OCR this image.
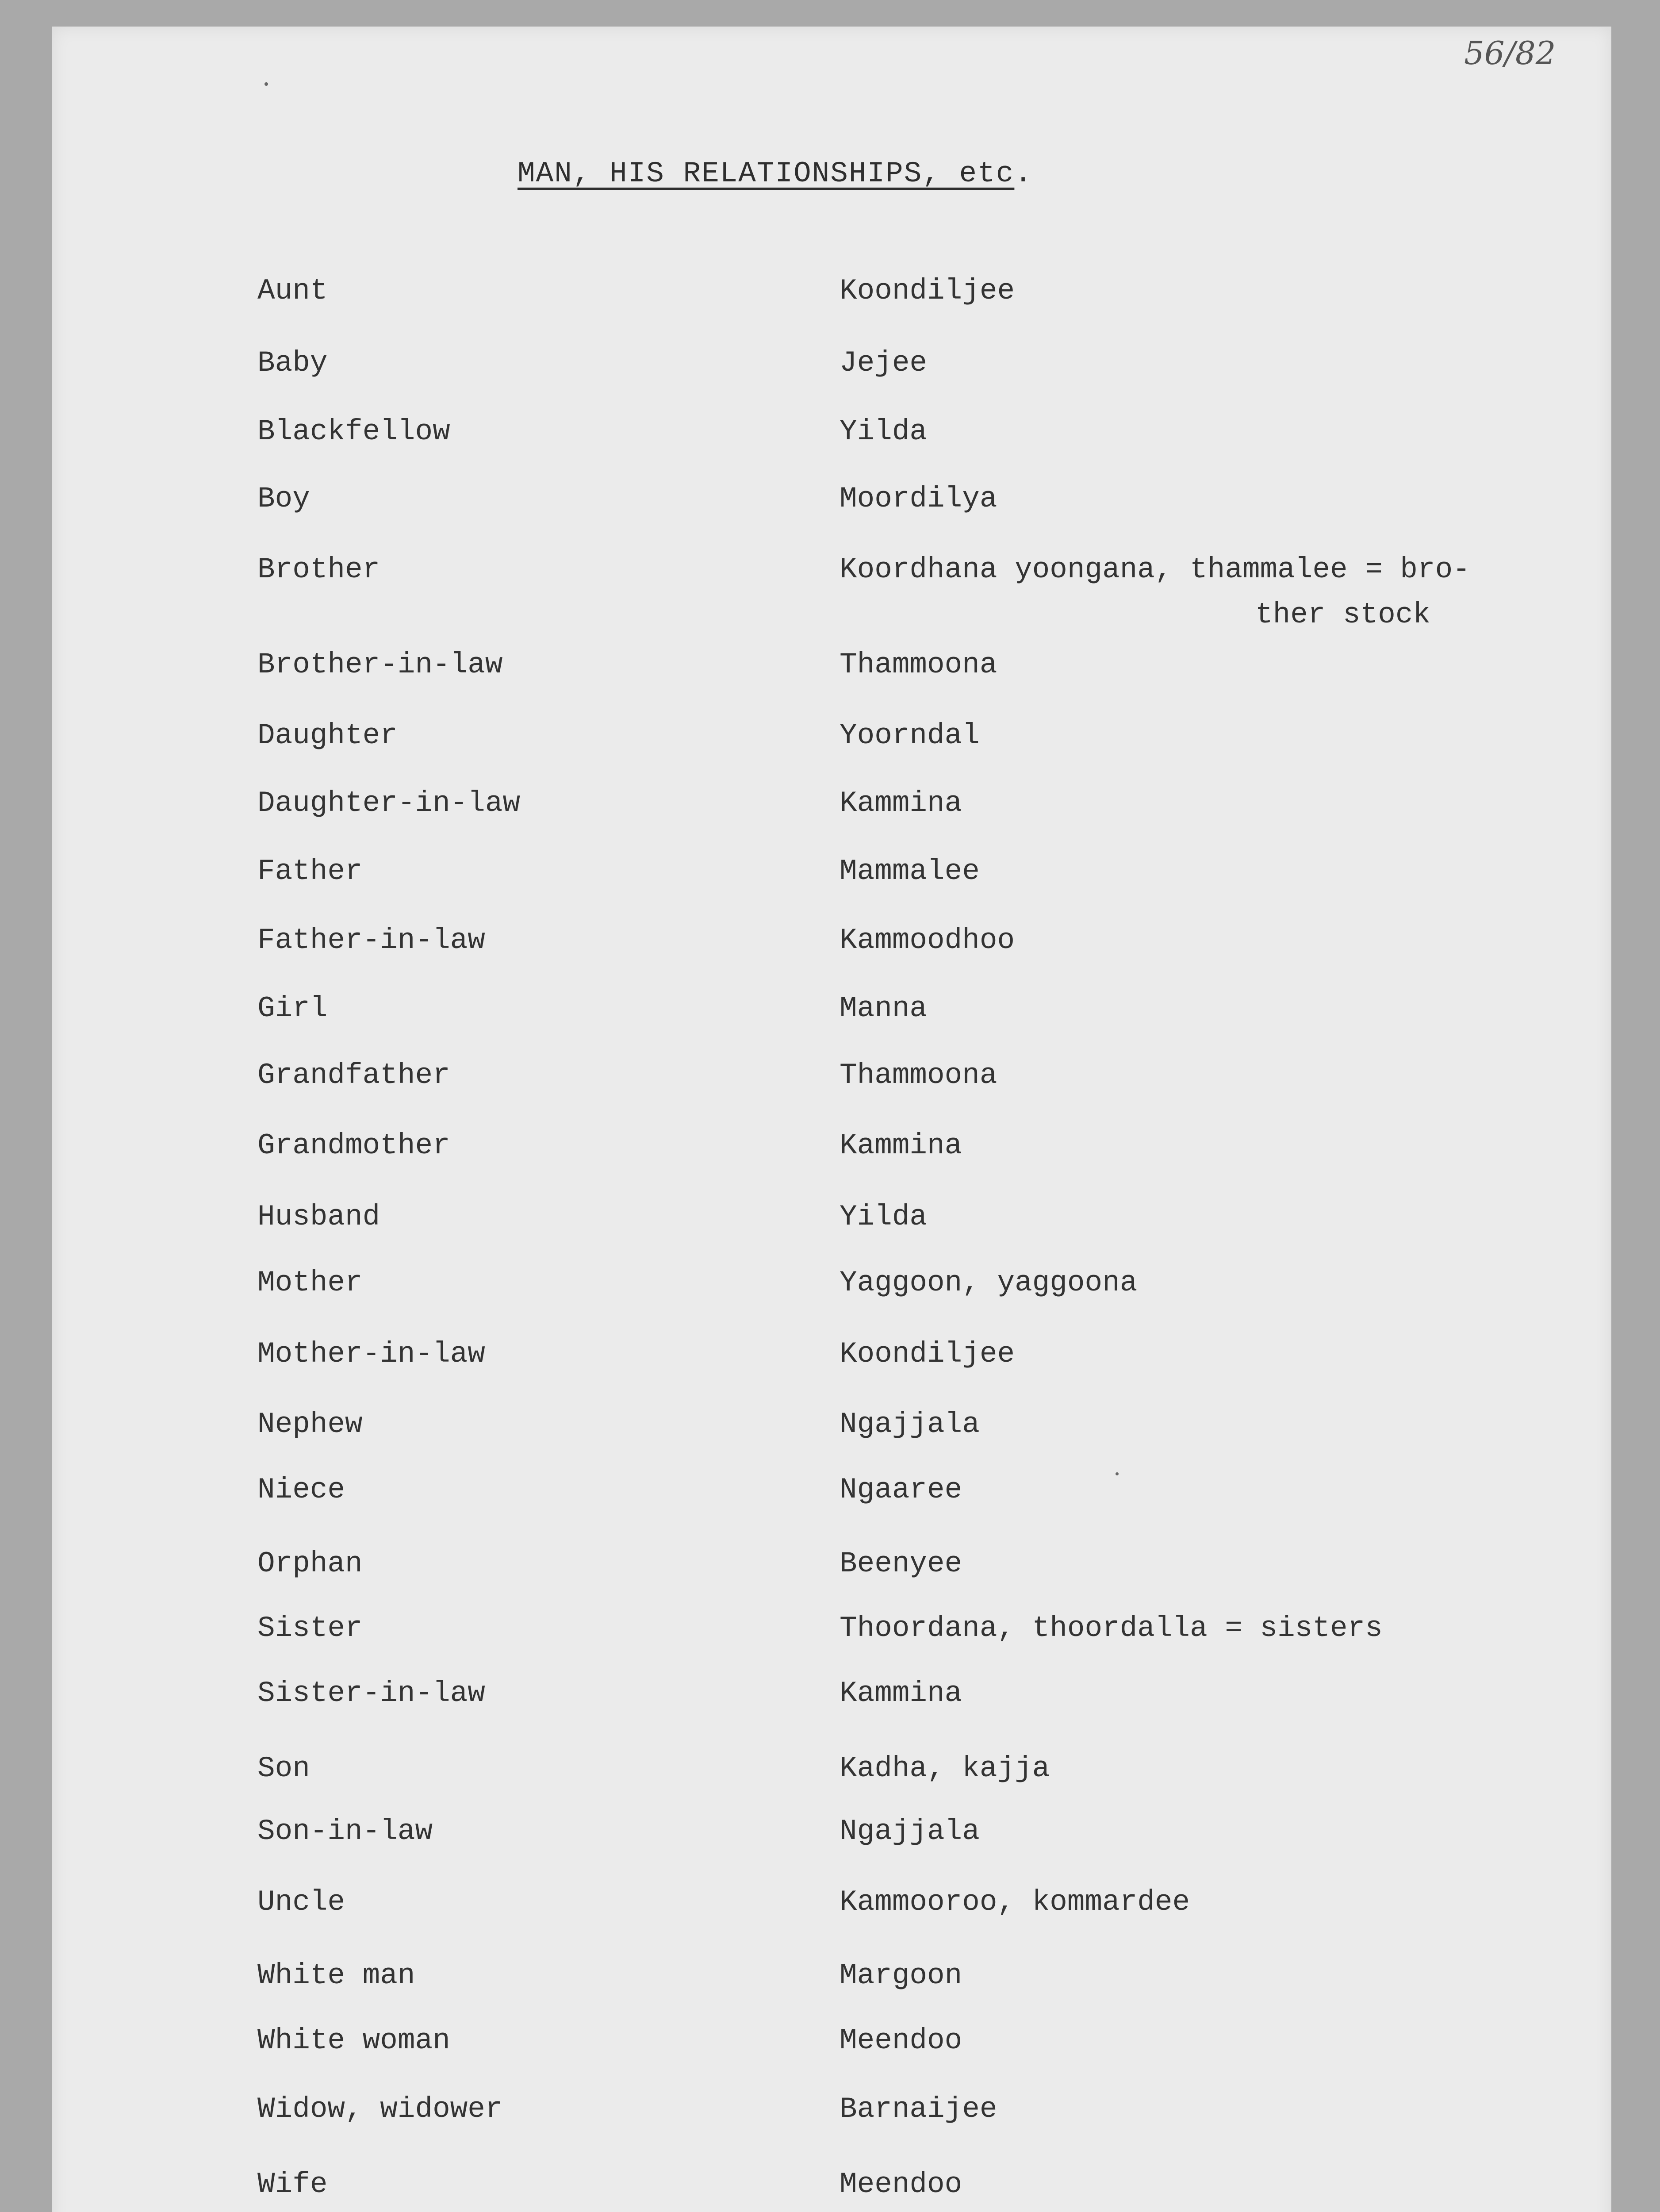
56/82
MAN, HIS RELATIONSHIPS, etc.
Aunt	Koondiljee
Baby	Jejee
Blackfellow	Yilda
Boy	Moordilya
Brother	Koordhana yoongana, thammalee = bro-
ther stock
Brother-in-law	Thammoona
Daughter	Yoorndal
Daughter-in-law	Kammina
Father	Mammalee
Father-in-law	Kammoodhoo
Girl	Manna
Grandfather	Thammoona
Grandmother	Kammina
Husband	Yilda
Mother	Yaggoon, yaggoona
Mother-in-law	Koondiljee
Nephew	Ngajjala
Niece	Ngaaree
Orphan	Beenyee
Sister	Thoordana, thoordalla = sisters
Sister-in-law	Kammina
Son	Kadha, kajja
Son-in-law	Ngajjala
Uncle	Kammooroo, kommardee
White man	Margoon
White woman	Meendoo
Widow, widower	Barnaijee
Wife	Meendoo
